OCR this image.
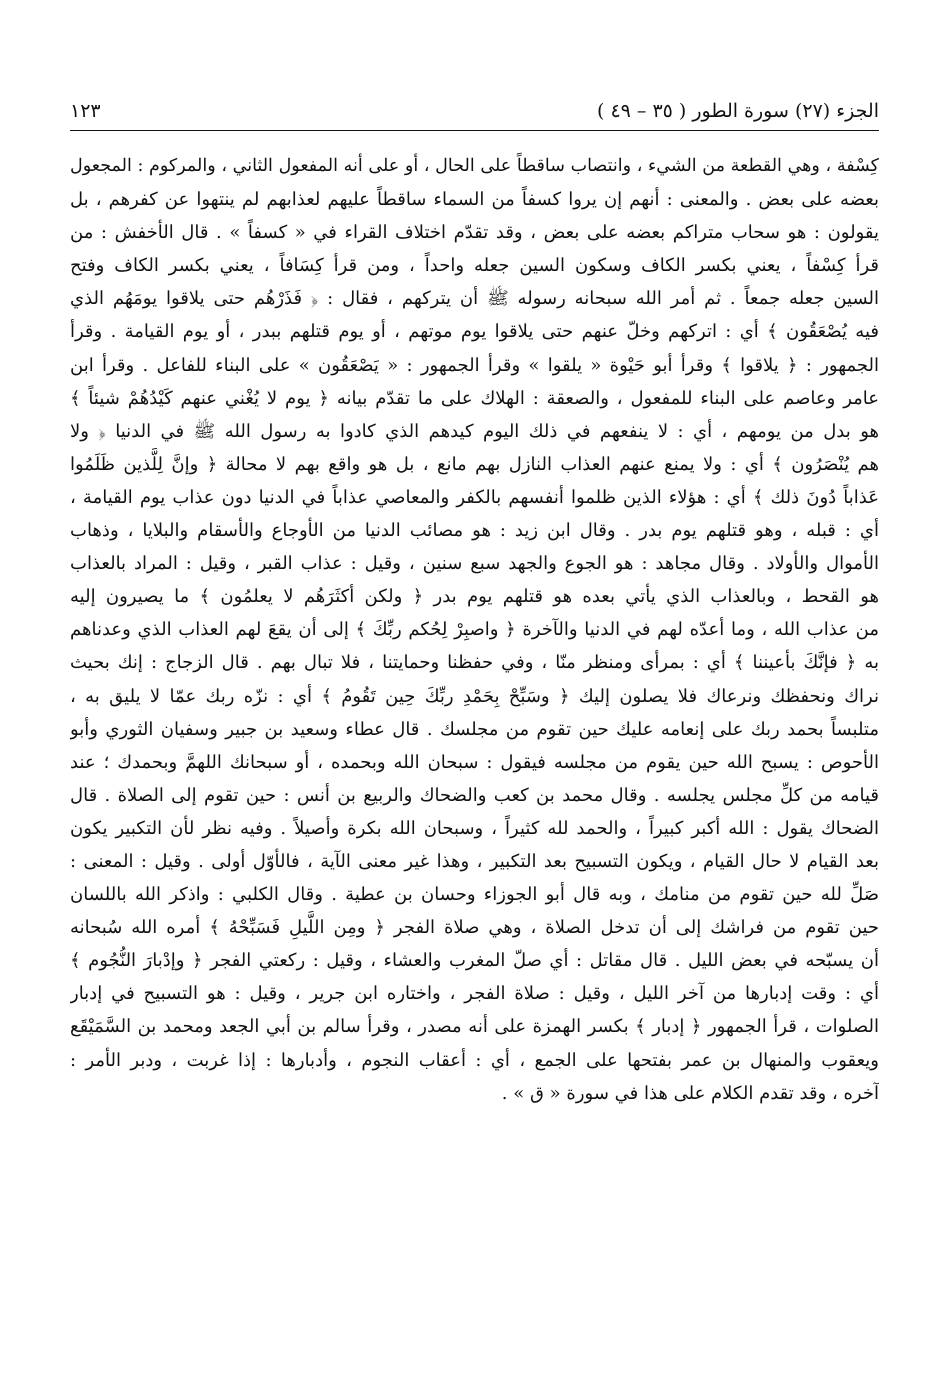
الجزء (٢٧) سورة الطور ( ٣٥ – ٤٩ )
١٢٣
كِسْفة ، وهي القطعة من الشيء ، وانتصاب ساقطاً على الحال ، أو على أنه المفعول الثاني ، والمركوم : المجعول
بعضه على بعض . والمعنى : أنهم إن يروا كسفاً من السماء ساقطاً عليهم لعذابهم لم ينتهوا عن كفرهم ، بل
يقولون : هو سحاب متراكم بعضه على بعض ، وقد تقدّم اختلاف القراء في « كسفاً » . قال الأخفش : من
قرأ كِسْفاً ، يعني بكسر الكاف وسكون السين جعله واحداً ، ومن قرأ كِسَافاً ، يعني بكسر الكاف وفتح
السين جعله جمعاً . ثم أمر الله سبحانه رسوله ﷺ أن يتركهم ، فقال : ﴿ فَذَرْهُم حتى يلاقوا يومَهُم الذي
فيه يُصْعَقُون ﴾ أي : اتركهم وخلّ عنهم حتى يلاقوا يوم موتهم ، أو يوم قتلهم ببدر ، أو يوم القيامة . وقرأ
الجمهور : ﴿ يلاقوا ﴾ وقرأ أبو حَيْوة « يلقوا » وقرأ الجمهور : « يَصْعَقُون » على البناء للفاعل . وقرأ ابن
عامر وعاصم على البناء للمفعول ، والصعقة : الهلاك على ما تقدّم بيانه ﴿ يوم لا يُغْني عنهم كَيْدُهُمْ شيئاً ﴾
هو بدل من يومهم ، أي : لا ينفعهم في ذلك اليوم كيدهم الذي كادوا به رسول الله ﷺ في الدنيا ﴿ ولا
هم يُنْصَرُون ﴾ أي : ولا يمنع عنهم العذاب النازل بهم مانع ، بل هو واقع بهم لا محالة ﴿ وإنَّ لِلَّذين ظَلَمُوا
عَذاباً دُونَ ذلك ﴾ أي : هؤلاء الذين ظلموا أنفسهم بالكفر والمعاصي عذاباً في الدنيا دون عذاب يوم القيامة ،
أي : قبله ، وهو قتلهم يوم بدر . وقال ابن زيد : هو مصائب الدنيا من الأوجاع والأسقام والبلايا ، وذهاب
الأموال والأولاد . وقال مجاهد : هو الجوع والجهد سبع سنين ، وقيل : عذاب القبر ، وقيل : المراد بالعذاب
هو القحط ، وبالعذاب الذي يأتي بعده هو قتلهم يوم بدر ﴿ ولكن أكثَرَهُم لا يعلمُون ﴾ ما يصيرون إليه
من عذاب الله ، وما أعدّه لهم في الدنيا والآخرة ﴿ واصبِرْ لِحُكم ربِّكَ ﴾ إلى أن يقعَ لهم العذاب الذي وعدناهم
به ﴿ فإنَّكَ بأعيننا ﴾ أي : بمرأى ومنظر منّا ، وفي حفظنا وحمايتنا ، فلا تبال بهم . قال الزجاج : إنك بحيث
نراك ونحفظك ونرعاك فلا يصلون إليك ﴿ وسَبِّحْ بِحَمْدِ ربِّكَ حِين تَقُومُ ﴾ أي : نزّه ربك عمّا لا يليق به ،
متلبساً بحمد ربك على إنعامه عليك حين تقوم من مجلسك . قال عطاء وسعيد بن جبير وسفيان الثوري وأبو
الأحوص : يسبح الله حين يقوم من مجلسه فيقول : سبحان الله وبحمده ، أو سبحانك اللهمَّ وبحمدك ؛ عند
قيامه من كلِّ مجلس يجلسه . وقال محمد بن كعب والضحاك والربيع بن أنس : حين تقوم إلى الصلاة . قال
الضحاك يقول : الله أكبر كبيراً ، والحمد لله كثيراً ، وسبحان الله بكرة وأصيلاً . وفيه نظر لأن التكبير يكون
بعد القيام لا حال القيام ، ويكون التسبيح بعد التكبير ، وهذا غير معنى الآية ، فالأوّل أولى . وقيل : المعنى :
صَلِّ لله حين تقوم من منامك ، وبه قال أبو الجوزاء وحسان بن عطية . وقال الكلبي : واذكر الله باللسان
حين تقوم من فراشك إلى أن تدخل الصلاة ، وهي صلاة الفجر ﴿ ومِن اللَّيلِ فَسَبِّحْهُ ﴾ أمره الله سُبحانه
أن يسبّحه في بعض الليل . قال مقاتل : أي صلّ المغرب والعشاء ، وقيل : ركعتي الفجر ﴿ وإدْبارَ النُّجُوم ﴾
أي : وقت إدبارها من آخر الليل ، وقيل : صلاة الفجر ، واختاره ابن جرير ، وقيل : هو التسبيح في إدبار
الصلوات ، قرأ الجمهور ﴿ إدبار ﴾ بكسر الهمزة على أنه مصدر ، وقرأ سالم بن أبي الجعد ومحمد بن السَّمَيْقَع
ويعقوب والمنهال بن عمر بفتحها على الجمع ، أي : أعقاب النجوم ، وأدبارها : إذا غربت ، ودبر الأمر :
آخره ، وقد تقدم الكلام على هذا في سورة « ق » .
